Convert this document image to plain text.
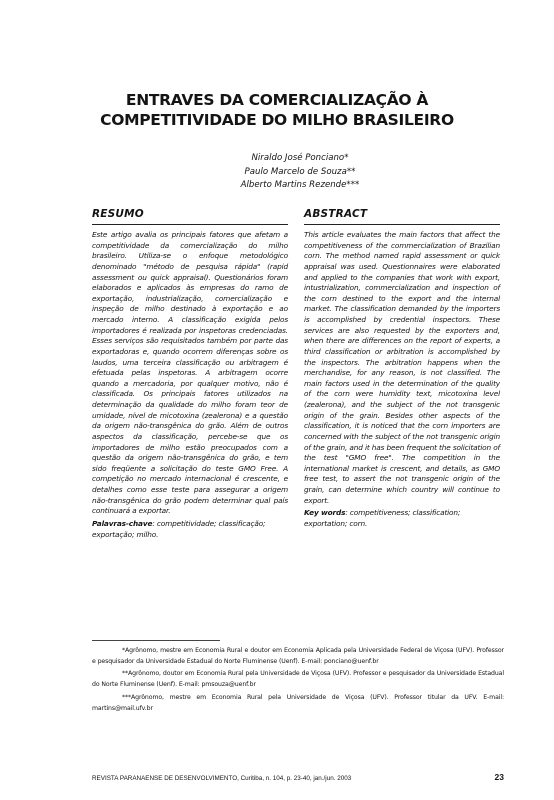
ENTRAVES DA COMERCIALIZAÇÃO À
COMPETITIVIDADE DO MILHO BRASILEIRO
Niraldo José Ponciano*
Paulo Marcelo de Souza**
Alberto Martins Rezende***
RESUMO

Este artigo avalia os principais fatores que afetam a competitividade da comercialização do milho brasileiro. Utiliza-se o enfoque metodológico denominado "método de pesquisa rápida" (rapid assessment ou quick appraisal). Questionários foram elaborados e aplicados às empresas do ramo de exportação, industrialização, comercialização e inspeção de milho destinado à exportação e ao mercado interno. A classificação exigida pelos importadores é realizada por inspetoras credenciadas. Esses serviços são requisitados também por parte das exportadoras e, quando ocorrem diferenças sobre os laudos, uma terceira classificação ou arbitragem é efetuada pelas inspetoras. A arbitragem ocorre quando a mercadoria, por qualquer motivo, não é classificada. Os principais fatores utilizados na determinação da qualidade do milho foram teor de umidade, nível de micotoxina (zealerona) e a questão da origem não-transgênica do grão. Além de outros aspectos da classificação, percebe-se que os importadores de milho estão preocupados com a questão da origem não-transgênica do grão, e tem sido freqüente a solicitação do teste GMO Free. A competição no mercado internacional é crescente, e detalhes como esse teste para assegurar a origem não-transgênica do grão podem determinar qual país continuará a exportar.

Palavras-chave: competitividade; classificação; exportação; milho.
ABSTRACT

This article evaluates the main factors that affect the competitiveness of the commercialization of Brazilian corn. The method named rapid assessment or quick appraisal was used. Questionnaires were elaborated and applied to the companies that work with export, intustrialization, commercialization and inspection of the corn destined to the export and the internal market. The classification demanded by the importers is accomplished by credential inspectors. These services are also requested by the exporters and, when there are differences on the report of experts, a third classification or arbitration is accomplished by the inspectors. The arbitration happens when the merchandise, for any reason, is not classified. The main factors used in the determination of the quality of the corn were humidity text, micotoxina level (zealerona), and the subject of the not transgenic origin of the grain. Besides other aspects of the classification, it is noticed that the corn importers are concerned with the subject of the not transgenic origin of the grain, and it has been frequent the solicitation of the test "GMO free". The competition in the international market is crescent, and details, as GMO free test, to assert the not transgenic origin of the grain, can determine which country will continue to export.

Key words: competitiveness; classification; exportation; corn.

*Agrônomo, mestre em Economia Rural e doutor em Economia Aplicada pela Universidade Federal de Viçosa (UFV). Professor e pesquisador da Universidade Estadual do Norte Fluminense (Uenf). E-mail: ponciano@uenf.br

**Agrônomo, doutor em Economia Rural pela Universidade de Viçosa (UFV). Professor e pesquisador da Universidade Estadual do Norte Fluminense (Uenf). E-mail: pmsouza@uenf.br

***Agrônomo, mestre em Economia Rural pela Universidade de Viçosa (UFV). Professor titular da UFV. E-mail: martins@mail.ufv.br

REVISTA PARANAENSE DE DESENVOLVIMENTO, Curitiba, n. 104, p. 23-40, jan./jun. 2003	23
